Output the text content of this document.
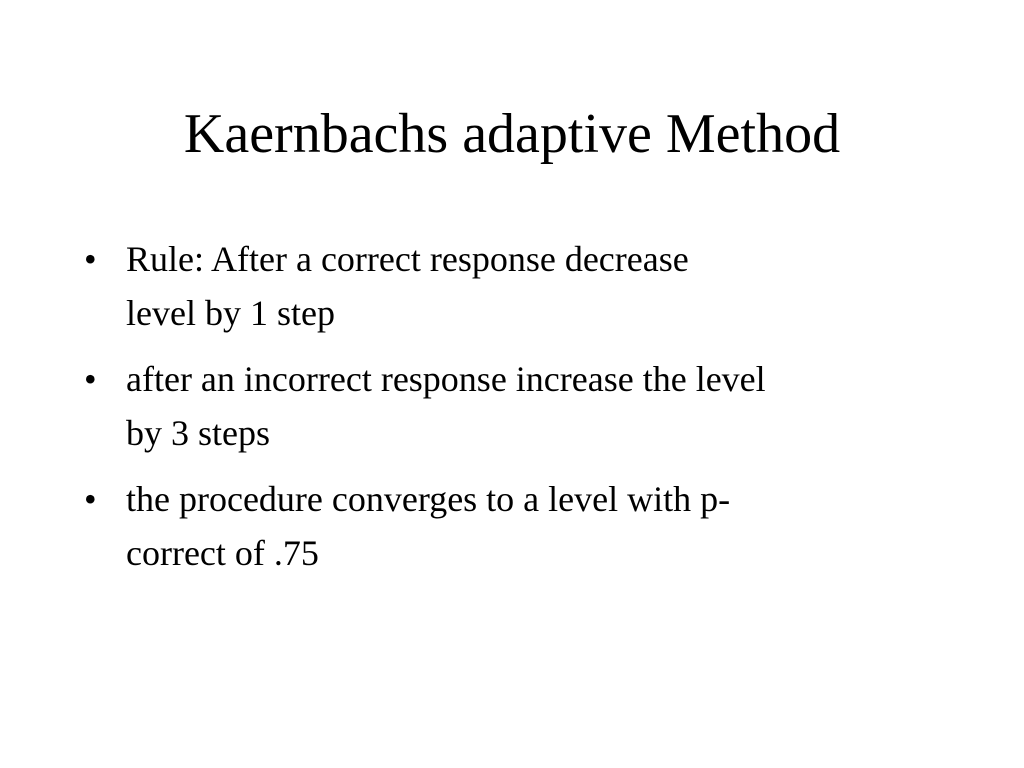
Kaernbachs adaptive Method
• Rule: After a correct response decrease
level by 1 step
• after an incorrect response increase the level
by 3 steps
• the procedure converges to a level with p-
correct of .75
